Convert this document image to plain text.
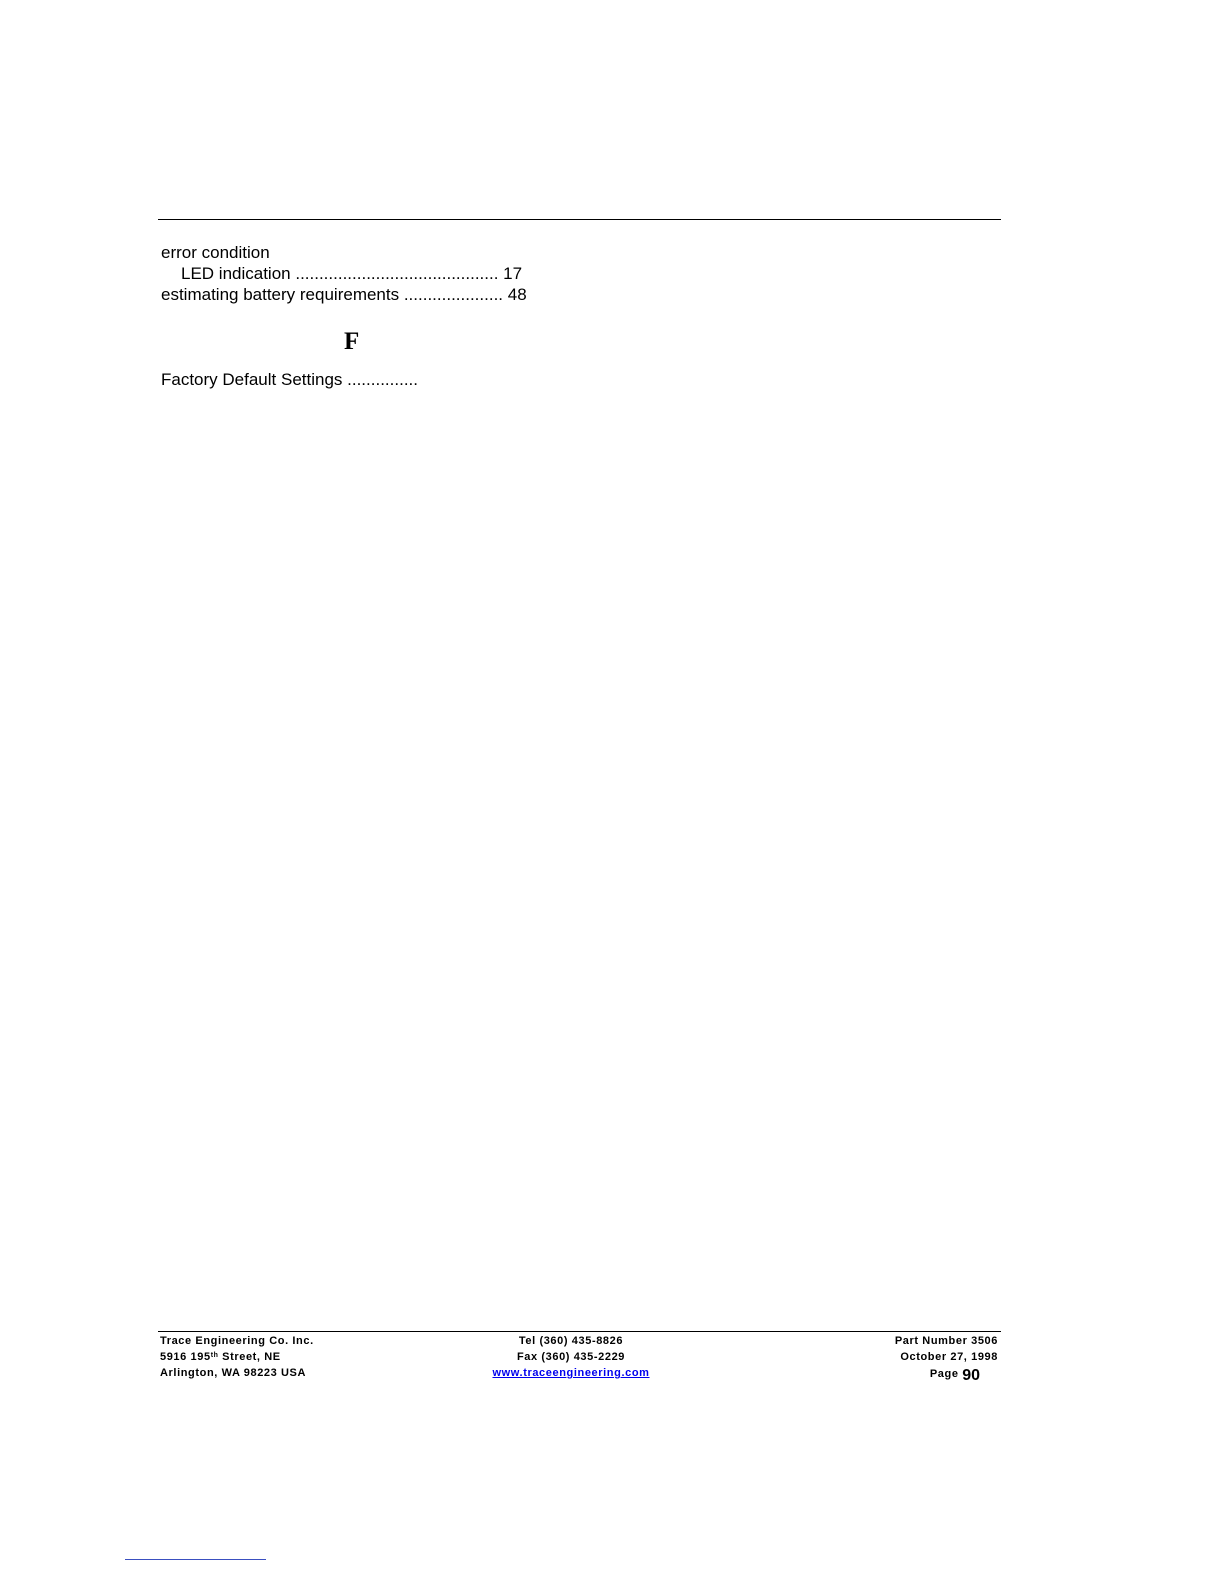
error condition
LED indication ........................................... 17
estimating battery requirements ..................... 48
F
Factory Default Settings ...............
Trace Engineering Co. Inc.
5916 195th Street, NE
Arlington, WA 98223 USA
Tel (360) 435-8826
Fax (360) 435-2229
www.traceengineering.com
Part Number 3506
October 27, 1998
Page 90
